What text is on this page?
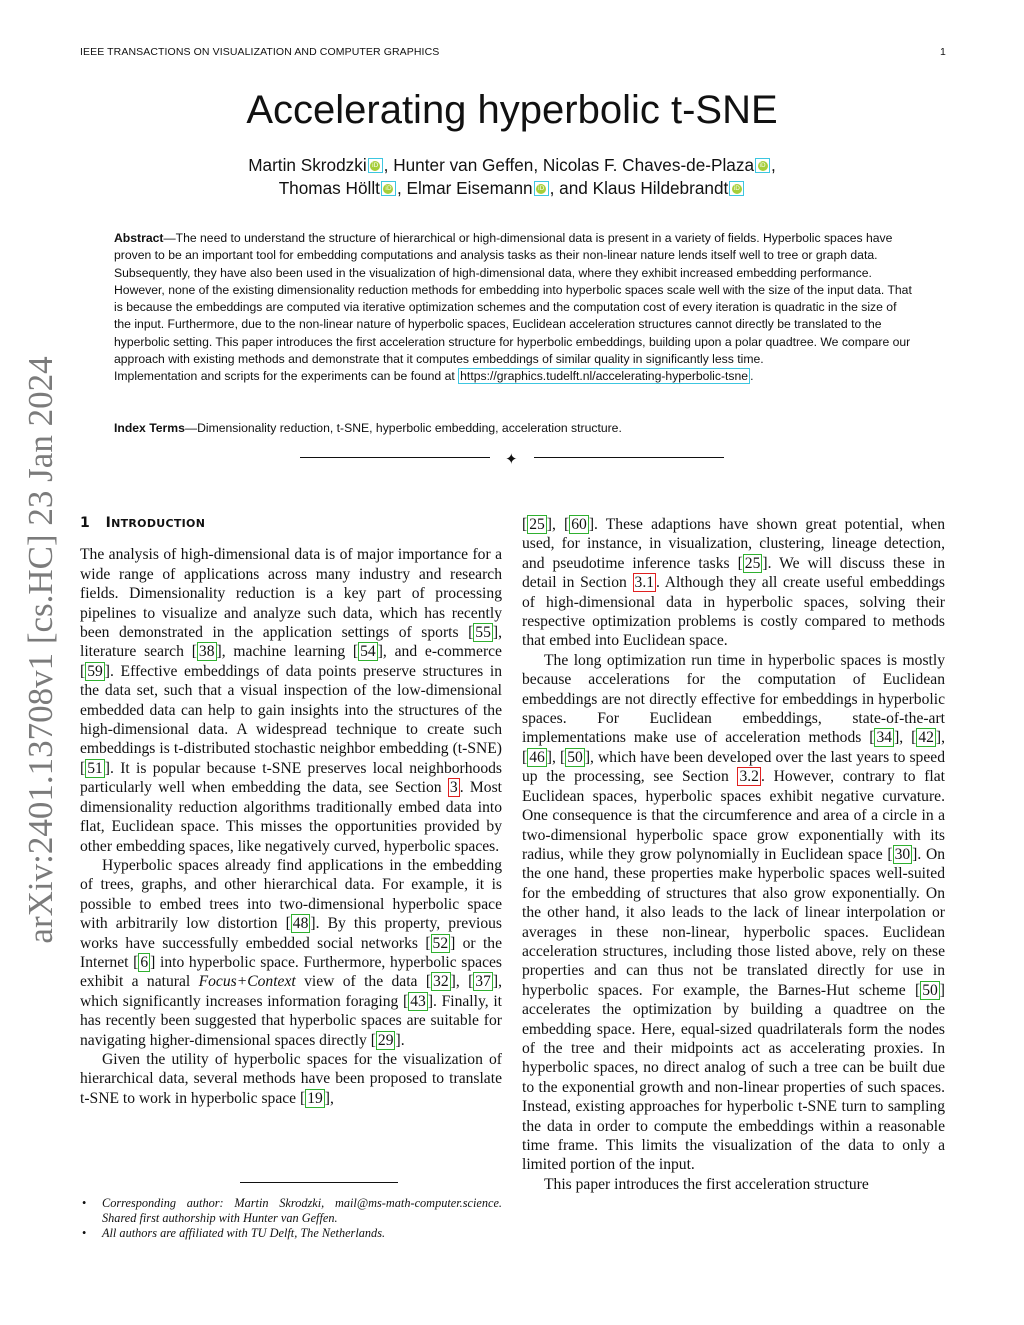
IEEE TRANSACTIONS ON VISUALIZATION AND COMPUTER GRAPHICS	1
arXiv:2401.13708v1 [cs.HC] 23 Jan 2024
Accelerating hyperbolic t-SNE
Martin Skrodzki iD , Hunter van Geffen, Nicolas F. Chaves-de-Plaza iD ,
Thomas Höllt iD , Elmar Eisemann iD , and Klaus Hildebrandt iD

Abstract—The need to understand the structure of hierarchical or high-dimensional data is present in a variety of fields. Hyperbolic spaces have proven to be an important tool for embedding computations and analysis tasks as their non-linear nature lends itself well to tree or graph data. Subsequently, they have also been used in the visualization of high-dimensional data, where they exhibit increased embedding performance. However, none of the existing dimensionality reduction methods for embedding into hyperbolic spaces scale well with the size of the input data. That is because the embeddings are computed via iterative optimization schemes and the computation cost of every iteration is quadratic in the size of the input. Furthermore, due to the non-linear nature of hyperbolic spaces, Euclidean acceleration structures cannot directly be translated to the hyperbolic setting. This paper introduces the first acceleration structure for hyperbolic embeddings, building upon a polar quadtree. We compare our approach with existing methods and demonstrate that it computes embeddings of similar quality in significantly less time.
Implementation and scripts for the experiments can be found at https://graphics.tudelft.nl/accelerating-hyperbolic-tsne .

Index Terms—Dimensionality reduction, t-SNE, hyperbolic embedding, acceleration structure.
✦
1 INTRODUCTION

The analysis of high-dimensional data is of major importance for a wide range of applications across many industry and research fields. Dimensionality reduction is a key part of processing pipelines to visualize and analyze such data, which has recently been demonstrated in the application settings of sports [ 55 ], literature search [ 38 ], machine learning [ 54 ], and e-commerce [ 59 ]. Effective embeddings of data points preserve structures in the data set, such that a visual inspection of the low-dimensional embedded data can help to gain insights into the structures of the high-dimensional data. A widespread technique to create such embeddings is t-distributed stochastic neighbor embedding (t-SNE) [ 51 ]. It is popular because t-SNE preserves local neighborhoods particularly well when embedding the data, see Section 3 . Most dimensionality reduction algorithms traditionally embed data into flat, Euclidean space. This misses the opportunities provided by other embedding spaces, like negatively curved, hyperbolic spaces.

Hyperbolic spaces already find applications in the embedding of trees, graphs, and other hierarchical data. For example, it is possible to embed trees into two-dimensional hyperbolic space with arbitrarily low distortion [ 48 ]. By this property, previous works have successfully embedded social networks [ 52 ] or the Internet [ 6 ] into hyperbolic space. Furthermore, hyperbolic spaces exhibit a natural Focus+Context view of the data [ 32 ], [ 37 ], which significantly increases information foraging [ 43 ]. Finally, it has recently been suggested that hyperbolic spaces are suitable for navigating higher-dimensional spaces directly [ 29 ].

Given the utility of hyperbolic spaces for the visualization of hierarchical data, several methods have been proposed to translate t-SNE to work in hyperbolic space [ 19 ],

• Corresponding author: Martin Skrodzki, mail@ms-math-computer.science. Shared first authorship with Hunter van Geffen.
• All authors are affiliated with TU Delft, The Netherlands.

[ 25 ], [ 60 ]. These adaptions have shown great potential, when used, for instance, in visualization, clustering, lineage detection, and pseudotime inference tasks [ 25 ]. We will discuss these in detail in Section 3.1 . Although they all create useful embeddings of high-dimensional data in hyperbolic spaces, solving their respective optimization problems is costly compared to methods that embed into Euclidean space.

The long optimization run time in hyperbolic spaces is mostly because accelerations for the computation of Euclidean embeddings are not directly effective for embeddings in hyperbolic spaces. For Euclidean embeddings, state-of-the-art implementations make use of acceleration methods [ 34 ], [ 42 ], [ 46 ], [ 50 ], which have been developed over the last years to speed up the processing, see Section 3.2 . However, contrary to flat Euclidean spaces, hyperbolic spaces exhibit negative curvature. One consequence is that the circumference and area of a circle in a two-dimensional hyperbolic space grow exponentially with its radius, while they grow polynomially in Euclidean space [ 30 ]. On the one hand, these properties make hyperbolic spaces well-suited for the embedding of structures that also grow exponentially. On the other hand, it also leads to the lack of linear interpolation or averages in these non-linear, hyperbolic spaces. Euclidean acceleration structures, including those listed above, rely on these properties and can thus not be translated directly for use in hyperbolic spaces. For example, the Barnes-Hut scheme [ 50 ] accelerates the optimization by building a quadtree on the embedding space. Here, equal-sized quadrilaterals form the nodes of the tree and their midpoints act as accelerating proxies. In hyperbolic spaces, no direct analog of such a tree can be built due to the exponential growth and non-linear properties of such spaces. Instead, existing approaches for hyperbolic t-SNE turn to sampling the data in order to compute the embeddings within a reasonable time frame. This limits the visualization of the data to only a limited portion of the input.

This paper introduces the first acceleration structure
